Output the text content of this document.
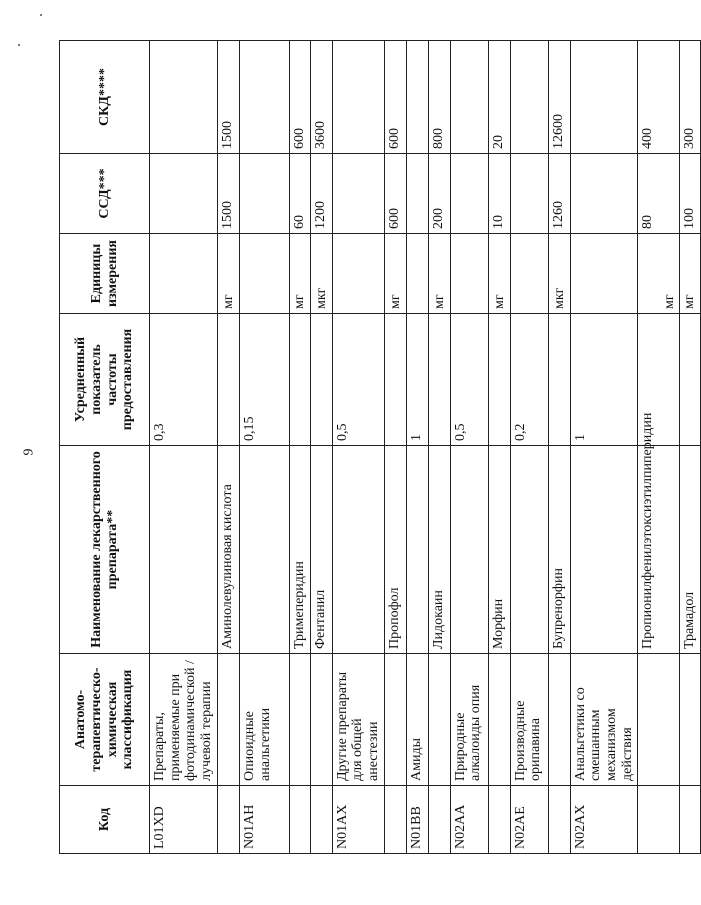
9
Код	Анатомо-терапевтическо-химическая классификация	Наименование лекарственного препарата**	Усредненный показатель частоты предоставления	Единицы измерения	ССД***	СКД****
L01XD	Препараты, применяемые при фотодинамической / лучевой терапии		0,3			
		Аминолевулиновая кислота		мг	1500	1500
N01AH	Опиоидные анальгетики		0,15			
		Тримеперидин		мг	60	600
		Фентанил		мкг	1200	3600
N01AX	Другие препараты для общей анестезии		0,5			
		Пропофол		мг	600	600
N01BB	Амиды		1			
		Лидокаин		мг	200	800
N02AA	Природные алкалоиды опия		0,5			
		Морфин		мг	10	20
N02AE	Производные орипавина		0,2			
		Бупренорфин		мкг	1260	12600
N02AX	Анальгетики со смешанным механизмом действия		1			
		Пропионилфенилэтоксиэтилпиперидин		мг	80	400
		Трамадол		мг	100	300
